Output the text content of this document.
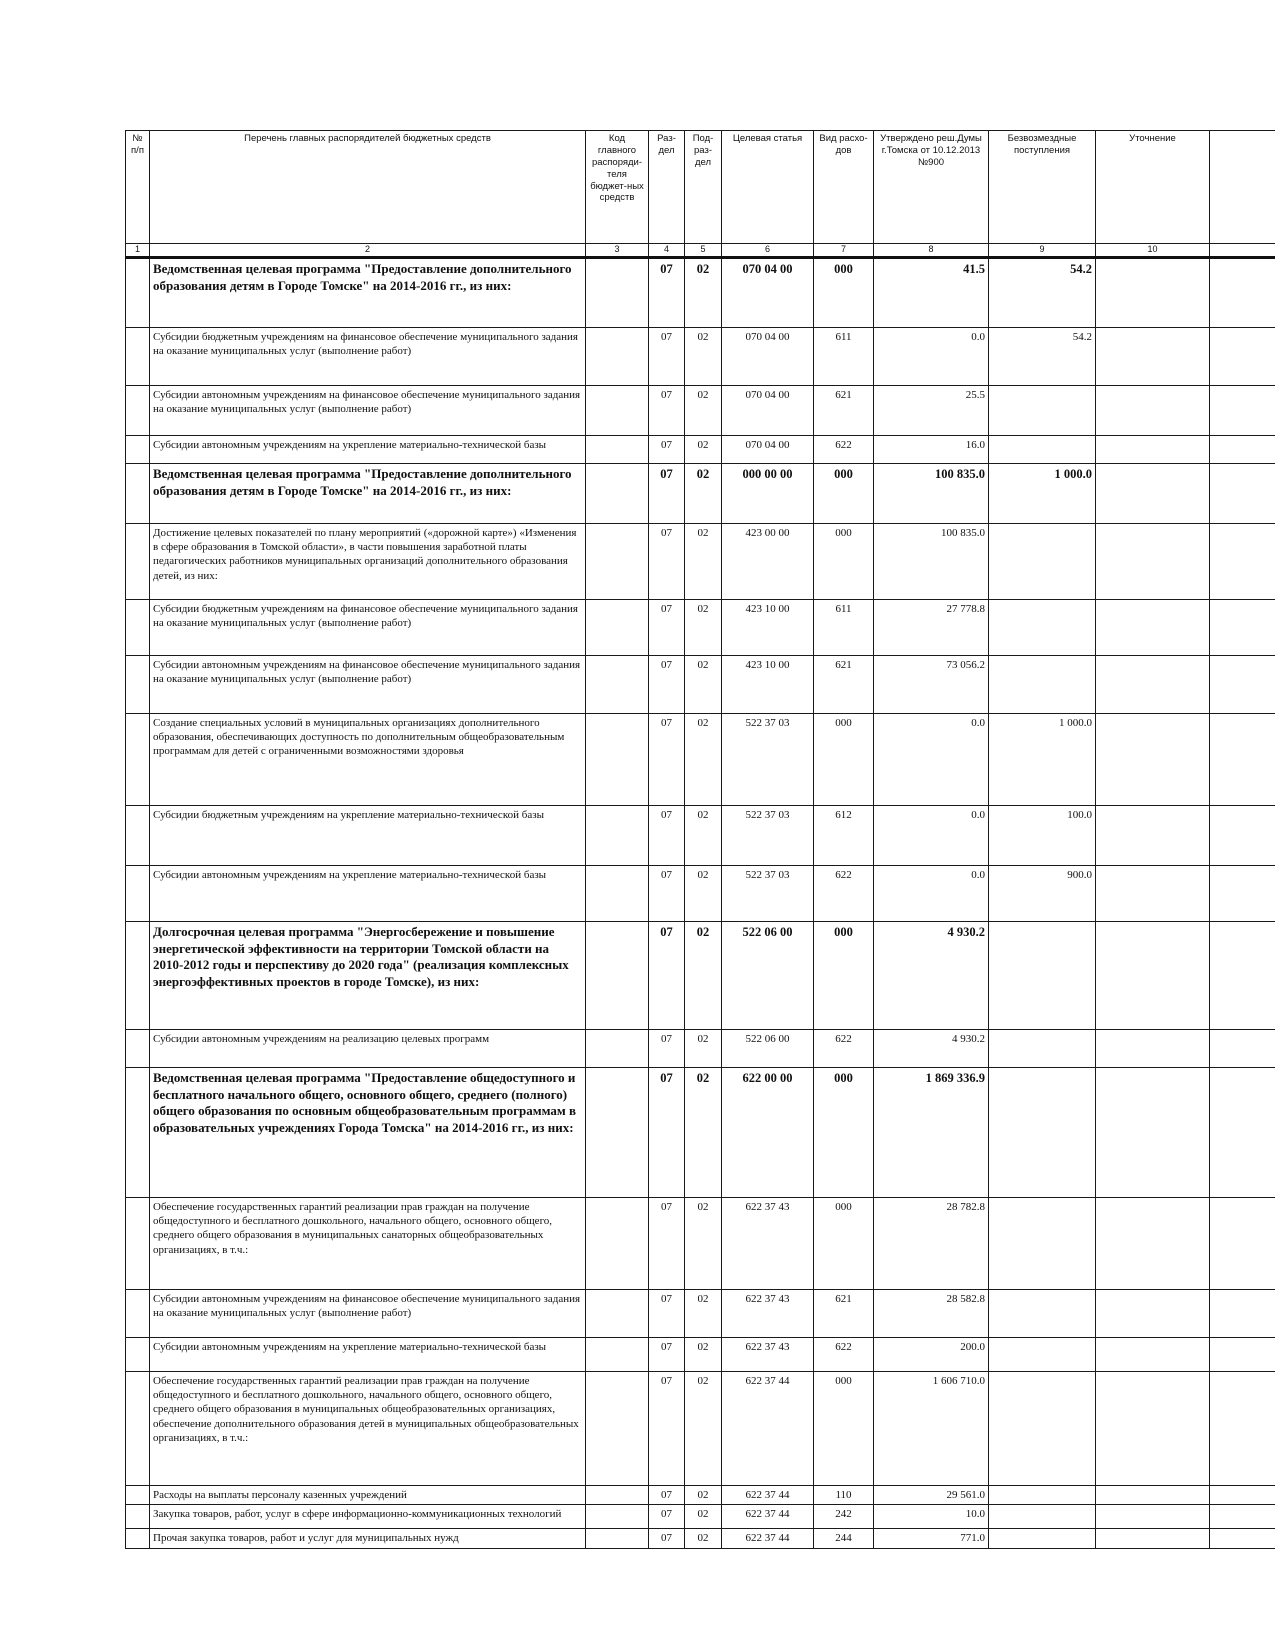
№ п/п	Перечень главных распорядителей бюджетных средств	Код главного распоряди-теля бюджет-ных средств	Раз-дел	Под-раз-дел	Целевая статья	Вид расхо-дов	Утверждено реш.Думы г.Томска от 10.12.2013 №900	Безвозмездные поступления	Уточнение	
1	2	3	4	5	6	7	8	9	10	
	Ведомственная целевая программа "Предоставление дополнительного образования детям в Городе Томске" на 2014-2016 гг., из них:		07	02	070 04 00	000	41.5	54.2		
	Субсидии бюджетным учреждениям на финансовое обеспечение муниципального задания на оказание муниципальных услуг (выполнение работ)		07	02	070 04 00	611	0.0	54.2		
	Субсидии автономным учреждениям на финансовое обеспечение муниципального задания на оказание муниципальных услуг (выполнение работ)		07	02	070 04 00	621	25.5			
	Субсидии автономным учреждениям на укрепление материально-технической базы		07	02	070 04 00	622	16.0			
	Ведомственная целевая программа "Предоставление дополнительного образования детям в Городе Томске" на 2014-2016 гг., из них:		07	02	000 00 00	000	100 835.0	1 000.0		
	Достижение целевых показателей по плану мероприятий («дорожной карте») «Изменения в сфере образования в Томской области», в части повышения заработной платы педагогических работников муниципальных организаций дополнительного образования детей, из них:		07	02	423 00 00	000	100 835.0			
	Субсидии бюджетным учреждениям на финансовое обеспечение муниципального задания на оказание муниципальных услуг (выполнение работ)		07	02	423 10 00	611	27 778.8			
	Субсидии автономным учреждениям на финансовое обеспечение муниципального задания на оказание муниципальных услуг (выполнение работ)		07	02	423 10 00	621	73 056.2			
	Создание специальных условий в муниципальных организациях дополнительного образования, обеспечивающих доступность по дополнительным общеобразовательным программам для детей с ограниченными возможностями здоровья		07	02	522 37 03	000	0.0	1 000.0		
	Субсидии бюджетным учреждениям на укрепление материально-технической базы		07	02	522 37 03	612	0.0	100.0		
	Субсидии автономным учреждениям на укрепление материально-технической базы		07	02	522 37 03	622	0.0	900.0		
	Долгосрочная целевая программа "Энергосбережение и повышение энергетической эффективности на территории Томской области на 2010-2012 годы и перспективу до 2020 года" (реализация комплексных энергоэффективных проектов в городе Томске), из них:		07	02	522 06 00	000	4 930.2			
	Субсидии автономным учреждениям на реализацию целевых программ		07	02	522 06 00	622	4 930.2			
	Ведомственная целевая программа "Предоставление общедоступного и бесплатного начального общего, основного общего, среднего (полного) общего образования по основным общеобразовательным программам в образовательных учреждениях Города Томска" на 2014-2016 гг., из них:		07	02	622 00 00	000	1 869 336.9			
	Обеспечение государственных гарантий реализации прав граждан на получение общедоступного и бесплатного дошкольного, начального общего, основного общего, среднего общего образования в муниципальных санаторных общеобразовательных организациях, в т.ч.:		07	02	622 37 43	000	28 782.8			
	Субсидии автономным учреждениям на финансовое обеспечение муниципального задания на оказание муниципальных услуг (выполнение работ)		07	02	622 37 43	621	28 582.8			
	Субсидии автономным учреждениям на укрепление материально-технической базы		07	02	622 37 43	622	200.0			
	Обеспечение государственных гарантий реализации прав граждан на получение общедоступного и бесплатного дошкольного, начального общего, основного общего, среднего общего образования в муниципальных общеобразовательных организациях, обеспечение дополнительного образования детей в муниципальных общеобразовательных организациях, в т.ч.:		07	02	622 37 44	000	1 606 710.0			
	Расходы на выплаты персоналу казенных учреждений		07	02	622 37 44	110	29 561.0			
	Закупка товаров, работ, услуг в сфере информационно-коммуникационных технологий		07	02	622 37 44	242	10.0			
	Прочая закупка товаров, работ и услуг для муниципальных нужд		07	02	622 37 44	244	771.0			
